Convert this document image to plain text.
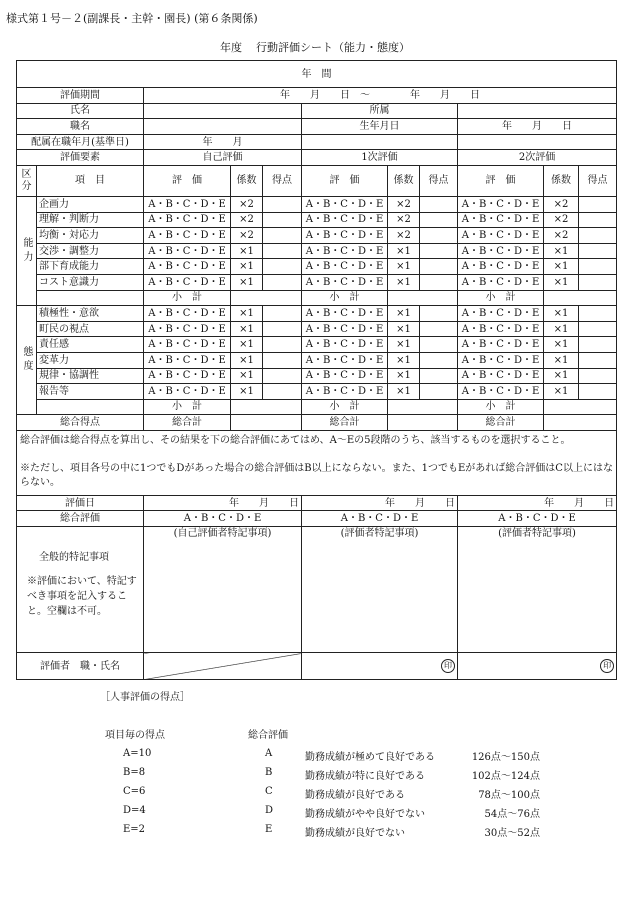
様式第１号－２(副課長・主幹・園長) (第６条関係)
年度 行動評価シート（能力・態度）
年　間										
評価期間		年　　月　　日　～　　　　年　　月　　日								
氏名					所属					
職名					生年月日			年　　月　　日		
配属在職年月(基準日)		年　　月								
評価要素		自己評価			1次評価			2次評価		
区分	項　目	評　価	係数	得点	評　価	係数	得点	評　価	係数	得点
能力	企画力	A・B・C・D・E	×2		A・B・C・D・E	×2		A・B・C・D・E	×2	
	理解・判断力	A・B・C・D・E	×2		A・B・C・D・E	×2		A・B・C・D・E	×2	
	均衡・対応力	A・B・C・D・E	×2		A・B・C・D・E	×2		A・B・C・D・E	×2	
	交渉・調整力	A・B・C・D・E	×1		A・B・C・D・E	×1		A・B・C・D・E	×1	
	部下育成能力	A・B・C・D・E	×1		A・B・C・D・E	×1		A・B・C・D・E	×1	
	コスト意識力	A・B・C・D・E	×1		A・B・C・D・E	×1		A・B・C・D・E	×1	
		小　計			小　計			小　計		
態度	積極性・意欲	A・B・C・D・E	×1		A・B・C・D・E	×1		A・B・C・D・E	×1	
	町民の視点	A・B・C・D・E	×1		A・B・C・D・E	×1		A・B・C・D・E	×1	
	責任感	A・B・C・D・E	×1		A・B・C・D・E	×1		A・B・C・D・E	×1	
	変革力	A・B・C・D・E	×1		A・B・C・D・E	×1		A・B・C・D・E	×1	
	規律・協調性	A・B・C・D・E	×1		A・B・C・D・E	×1		A・B・C・D・E	×1	
	報告等	A・B・C・D・E	×1		A・B・C・D・E	×1		A・B・C・D・E	×1	
		小　計			小　計			小　計		
総合得点		総合計			総合計			総合計		
総合評価は総合得点を算出し、その結果を下の総合評価にあてはめ、A～Eの5段階のうち、該当するものを選択すること。

※ただし、項目各号の中に1つでもDがあった場合の総合評価はB以上にならない。また、1つでもEがあれば総合評価はC以上にはならない。										
評価日		年　　月　　日			年　　月　　日			年　　月　　日		
総合評価		A・B・C・D・E			A・B・C・D・E			A・B・C・D・E		

全般的特記事項
※評価において、特記すべき事項を記入すること。空欄は不可。		(自己評価者特記事項)			(評価者特記事項)			(評価者特記事項)		
評価者　職・氏名					印			印		
［人事評価の得点］
項目毎の得点	総合評価
A=10
B=8
C=6
D=4
E=2
A	勤務成績が極めて良好である	126点～150点
B	勤務成績が特に良好である	102点～124点
C	勤務成績が良好である	78点～100点
D	勤務成績がやや良好でない	54点～76点
E	勤務成績が良好でない	30点～52点
